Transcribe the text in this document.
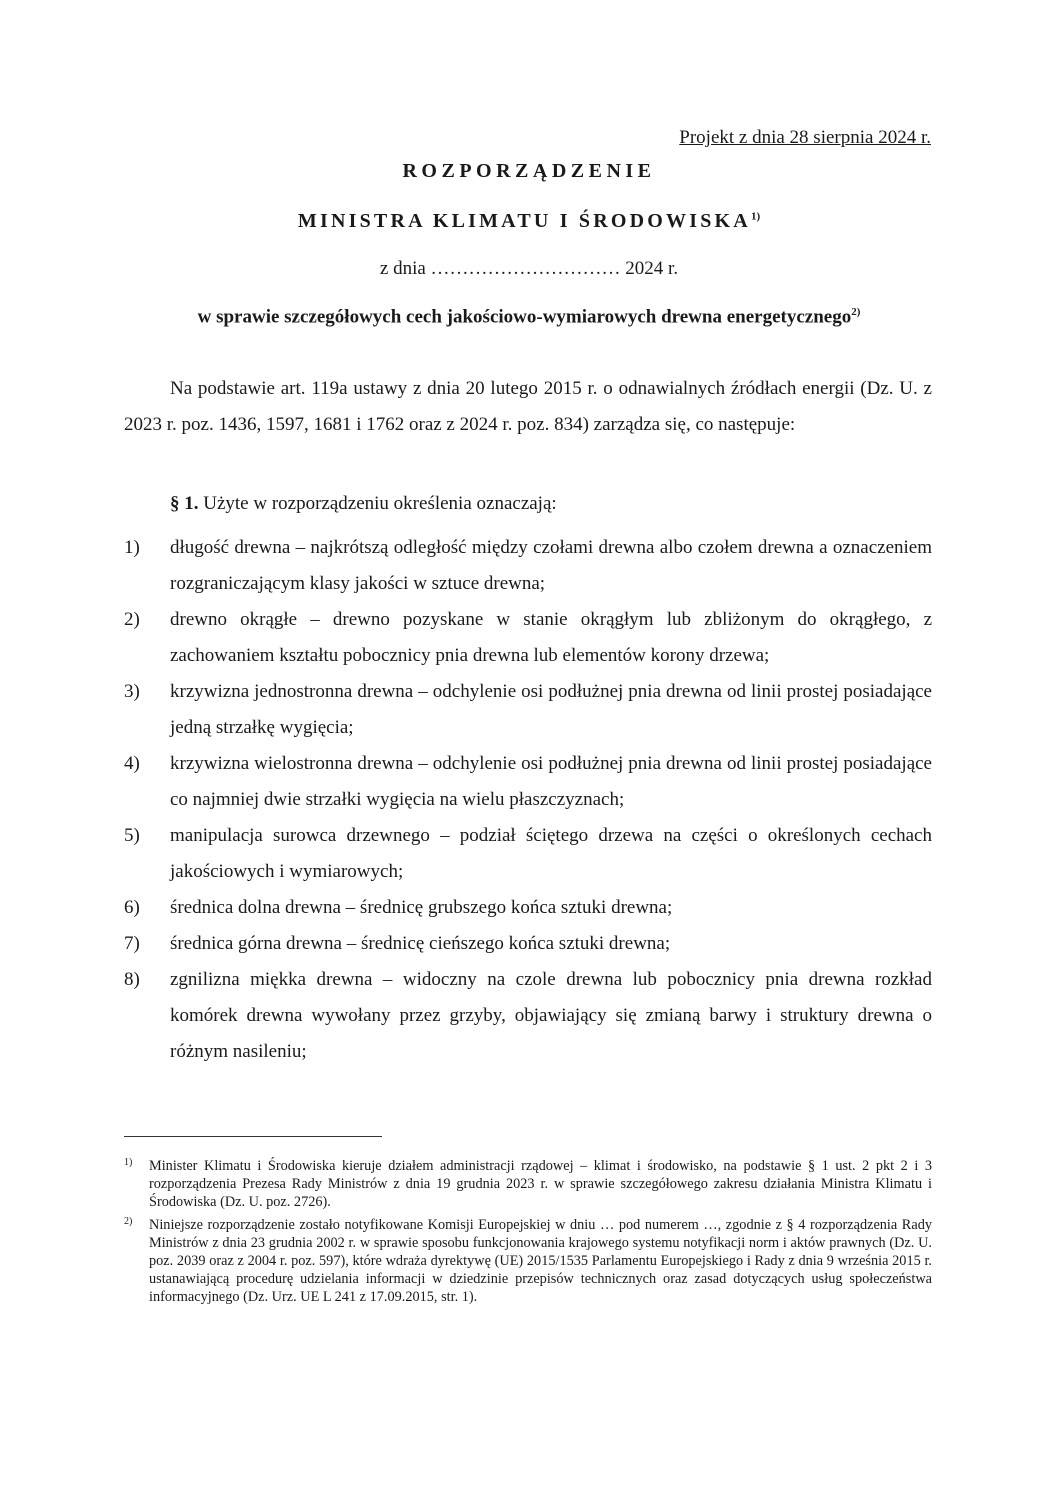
Projekt z dnia 28 sierpnia 2024 r.
ROZPORZĄDZENIE
MINISTRA KLIMATU I ŚRODOWISKA$^{1)}$
z dnia ………………………… 2024 r.
w sprawie szczegółowych cech jakościowo-wymiarowych drewna energetycznego$^{2)}$
Na podstawie art. 119a ustawy z dnia 20 lutego 2015 r. o odnawialnych źródłach energii (Dz. U. z 2023 r. poz. 1436, 1597, 1681 i 1762 oraz z 2024 r. poz. 834) zarządza się, co następuje:
§ 1. Użyte w rozporządzeniu określenia oznaczają:
1) długość drewna – najkrótszą odległość między czołami drewna albo czołem drewna a oznaczeniem rozgraniczającym klasy jakości w sztuce drewna;
2) drewno okrągłe – drewno pozyskane w stanie okrągłym lub zbliżonym do okrągłego, z zachowaniem kształtu pobocznicy pnia drewna lub elementów korony drzewa;
3) krzywizna jednostronna drewna – odchylenie osi podłużnej pnia drewna od linii prostej posiadające jedną strzałkę wygięcia;
4) krzywizna wielostronna drewna – odchylenie osi podłużnej pnia drewna od linii prostej posiadające co najmniej dwie strzałki wygięcia na wielu płaszczyznach;
5) manipulacja surowca drzewnego – podział ściętego drzewa na części o określonych cechach jakościowych i wymiarowych;
6) średnica dolna drewna – średnicę grubszego końca sztuki drewna;
7) średnica górna drewna – średnicę cieńszego końca sztuki drewna;
8) zgnilizna miękka drewna – widoczny na czole drewna lub pobocznicy pnia drewna rozkład komórek drewna wywołany przez grzyby, objawiający się zmianą barwy i struktury drewna o różnym nasileniu;
1) Minister Klimatu i Środowiska kieruje działem administracji rządowej – klimat i środowisko, na podstawie § 1 ust. 2 pkt 2 i 3 rozporządzenia Prezesa Rady Ministrów z dnia 19 grudnia 2023 r. w sprawie szczegółowego zakresu działania Ministra Klimatu i Środowiska (Dz. U. poz. 2726).
2) Niniejsze rozporządzenie zostało notyfikowane Komisji Europejskiej w dniu … pod numerem …, zgodnie z § 4 rozporządzenia Rady Ministrów z dnia 23 grudnia 2002 r. w sprawie sposobu funkcjonowania krajowego systemu notyfikacji norm i aktów prawnych (Dz. U. poz. 2039 oraz z 2004 r. poz. 597), które wdraża dyrektywę (UE) 2015/1535 Parlamentu Europejskiego i Rady z dnia 9 września 2015 r. ustanawiającą procedurę udzielania informacji w dziedzinie przepisów technicznych oraz zasad dotyczących usług społeczeństwa informacyjnego (Dz. Urz. UE L 241 z 17.09.2015, str. 1).
